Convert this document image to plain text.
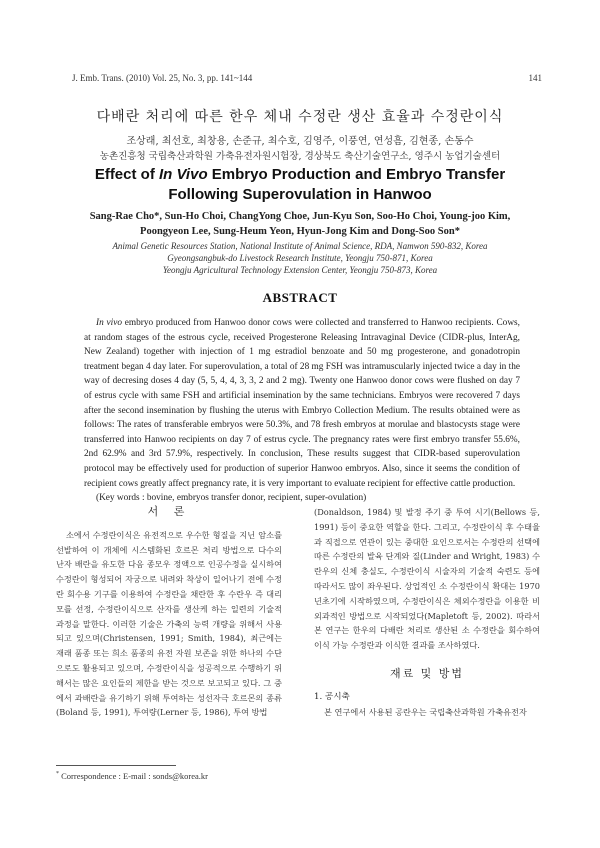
J. Emb. Trans. (2010) Vol. 25, No. 3, pp. 141~144	141
다배란 처리에 따른 한우 체내 수정란 생산 효율과 수정란이식
조상래, 최선호, 최창용, 손준규, 최수호, 김영주, 이풍연, 연성흠, 김현종, 손동수
농촌진흥청 국립축산과학원 가축유전자원시험장, 경상북도 축산기술연구소, 영주시 농업기술센터
Effect of In Vivo Embryo Production and Embryo Transfer Following Superovulation in Hanwoo
Sang-Rae Cho*, Sun-Ho Choi, ChangYong Choe, Jun-Kyu Son, Soo-Ho Choi, Young-joo Kim,
Poongyeon Lee, Sung-Heum Yeon, Hyun-Jong Kim and Dong-Soo Son*
Animal Genetic Resources Station, National Institute of Animal Science, RDA, Namwon 590-832, Korea
Gyeongsangbuk-do Livestock Research Institute, Yeongju 750-871, Korea
Yeongju Agricultural Technology Extension Center, Yeongju 750-873, Korea
ABSTRACT

In vivo embryo produced from Hanwoo donor cows were collected and transferred to Hanwoo recipients. Cows, at random stages of the estrous cycle, received Progesterone Releasing Intravaginal Device (CIDR-plus, InterAg, New Zealand) together with injection of 1 mg estradiol benzoate and 50 mg progesterone, and gonadotropin treatment began 4 day later. For superovulation, a total of 28 mg FSH was intramuscularly injected twice a day in the way of decresing doses 4 day (5, 5, 4, 4, 3, 3, 2 and 2 mg). Twenty one Hanwoo donor cows were flushed on day 7 of estrus cycle with same FSH and artificial insemination by the same technicians. Embryos were recovered 7 days after the second insemination by flushing the uterus with Embryo Collection Medium. The results obtained were as follows: The rates of transferable embryos were 50.3%, and 78 fresh embryos at morulae and blastocysts stage were transferred into Hanwoo recipients on day 7 of estrus cycle. The pregnancy rates were first embryo transfer 55.6%, 2nd 62.9% and 3rd 57.9%, respectively. In conclusion, These results suggest that CIDR-based superovulation protocol may be effectively used for production of superior Hanwoo embryos. Also, since it seems the condition of recipient cows greatly affect pregnancy rate, it is very important to evaluate recipient for effective cattle production.

(Key words : bovine, embryos transfer donor, recipient, super-ovulation)
서 론

소에서 수정란이식은 유전적으로 우수한 형질을 지닌 암소를 선발하여 이 개체에 시스템화된 호르몬 처리 방법으로 다수의 난자 배란을 유도한 다음 종모우 정액으로 인공수정을 실시하여 수정란이 형성되어 자궁으로 내려와 착상이 일어나기 전에 수정란 회수용 기구를 이용하여 수정란을 채란한 후 수란우 즉 대리모를 선정, 수정란이식으로 산자를 생산케 하는 일련의 기술적 과정을 말한다. 이러한 기술은 가축의 능력 개량을 위해서 사용되고 있으며(Christensen, 1991; Smith, 1984), 최근에는 재래 품종 또는 희소 품종의 유전 자원 보존을 위한 하나의 수단으로도 활용되고 있으며, 수정란이식을 성공적으로 수행하기 위해서는 많은 요인들의 제한을 받는 것으로 보고되고 있다. 그 중에서 과배란을 유기하기 위해 투여하는 성선자극 호르몬의 종류(Boland 등, 1991), 투여량(Lerner 등, 1986), 투여 방법

(Donaldson, 1984) 및 발정 주기 중 투여 시기(Bellows 등, 1991) 등이 중요한 역할을 한다. 그리고, 수정란이식 후 수태율과 직접으로 연관이 있는 중대한 요인으로서는 수정란의 선택에 따른 수정란의 발육 단계와 질(Linder and Wright, 1983) 수란우의 신체 충실도, 수정란이식 시술자의 기술적 숙련도 등에 따라서도 많이 좌우된다. 상업적인 소 수정란이식 확대는 1970년초기에 시작하였으며, 수정란이식은 체외수정란을 이용한 비외과적인 방법으로 시작되었다(Mapletoft 등, 2002). 따라서 본 연구는 한우의 다배란 처리로 생산된 소 수정란을 회수하여 이식 가능 수정란과 이식한 결과를 조사하였다.

재료 및 방법
1. 공시축

본 연구에서 사용된 공란우는 국립축산과학원 가축유전자

* Correspondence : E-mail : sonds@korea.kr
